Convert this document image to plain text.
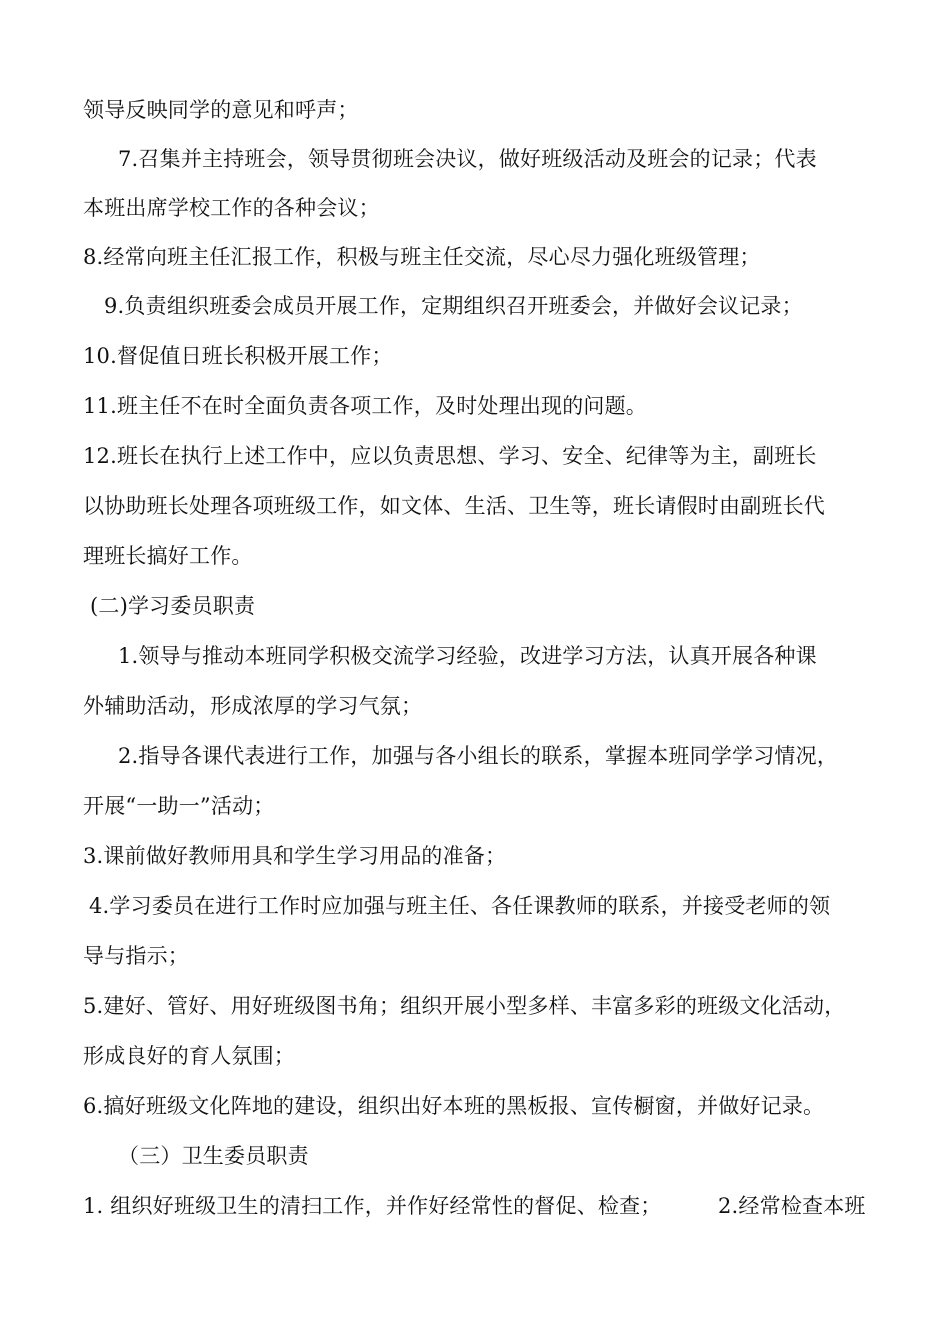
领导反映同学的意见和呼声；
7.召集并主持班会，领导贯彻班会决议，做好班级活动及班会的记录；代表
本班出席学校工作的各种会议；
8.经常向班主任汇报工作，积极与班主任交流，尽心尽力强化班级管理；
9.负责组织班委会成员开展工作，定期组织召开班委会，并做好会议记录；
10.督促值日班长积极开展工作；
11.班主任不在时全面负责各项工作，及时处理出现的问题。
12.班长在执行上述工作中，应以负责思想、学习、安全、纪律等为主，副班长
以协助班长处理各项班级工作，如文体、生活、卫生等，班长请假时由副班长代
理班长搞好工作。
(二)学习委员职责
1.领导与推动本班同学积极交流学习经验，改进学习方法，认真开展各种课
外辅助活动，形成浓厚的学习气氛；
2.指导各课代表进行工作，加强与各小组长的联系，掌握本班同学学习情况，
开展“一助一”活动；
3.课前做好教师用具和学生学习用品的准备；
4.学习委员在进行工作时应加强与班主任、各任课教师的联系，并接受老师的领
导与指示；
5.建好、管好、用好班级图书角；组织开展小型多样、丰富多彩的班级文化活动，
形成良好的育人氛围；
6.搞好班级文化阵地的建设，组织出好本班的黑板报、宣传橱窗，并做好记录。
（三）卫生委员职责
1. 组织好班级卫生的清扫工作，并作好经常性的督促、检查；	2.经常检查本班
